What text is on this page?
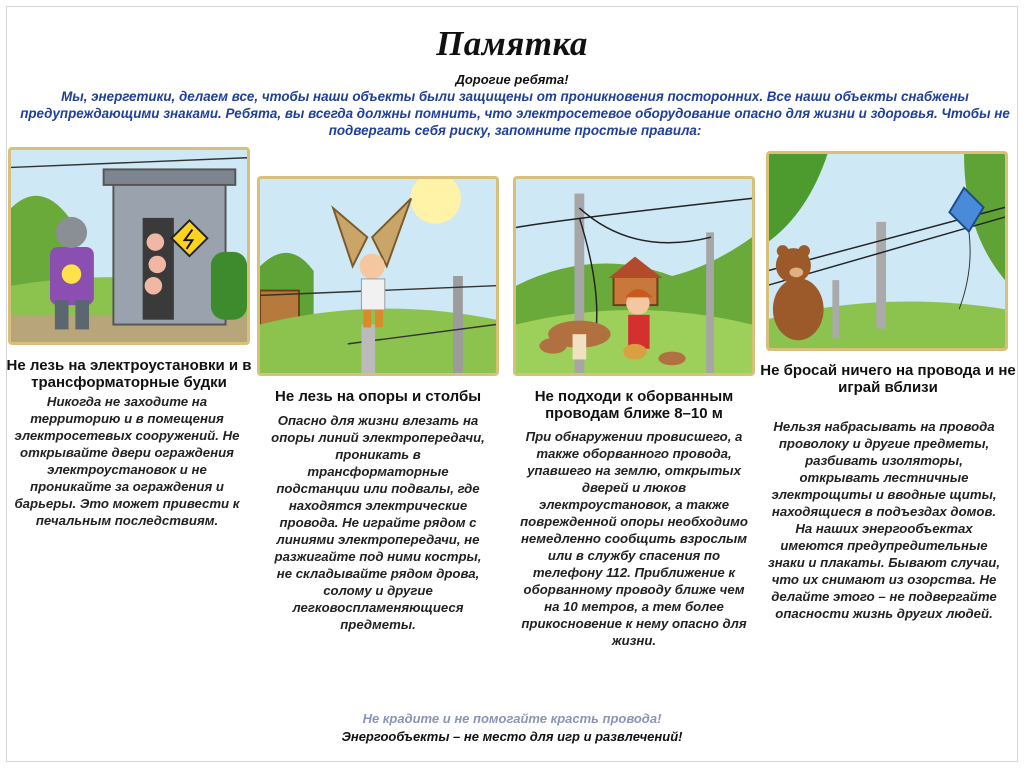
Памятка
Дорогие ребята!
Мы, энергетики, делаем все, чтобы наши объекты были защищены от проникновения посторонних. Все наши объекты снабжены предупреждающими знаками. Ребята, вы всегда должны помнить, что электросетевое оборудование опасно для жизни и здоровья. Чтобы не подвергать себя риску, запомните простые правила:
Не лезь на электроустановки и в трансформаторные будки
Никогда не заходите на территорию и в помещения электросетевых сооружений. Не открывайте двери ограждения электроустановок и не проникайте за ограждения и барьеры. Это может привести к печальным последствиям.
Не лезь на опоры и столбы
Опасно для жизни влезать на опоры линий электропередачи, проникать в трансформаторные подстанции или подвалы, где находятся электрические провода. Не играйте рядом с линиями электропередачи, не разжигайте под ними костры, не складывайте рядом дрова, солому и другие легковоспламеняющиеся предметы.
Не подходи к оборванным проводам ближе 8–10 м
При обнаружении провисшего, а также оборванного провода, упавшего на землю, открытых дверей и люков электроустановок, а также поврежденной опоры необходимо немедленно сообщить взрослым или в службу спасения по телефону 112. Приближение к оборванному проводу ближе чем на 10 метров, а тем более прикосновение к нему опасно для жизни.
Не бросай ничего на провода и не играй вблизи
Нельзя набрасывать на провода проволоку и другие предметы, разбивать изоляторы, открывать лестничные электрощиты и вводные щиты, находящиеся в подъездах домов. На наших энергообъектах имеются предупредительные знаки и плакаты. Бывают случаи, что их снимают из озорства. Не делайте этого – не подвергайте опасности жизнь других людей.
Не крадите и не помогайте красть провода!
Энергообъекты – не место для игр и развлечений!
